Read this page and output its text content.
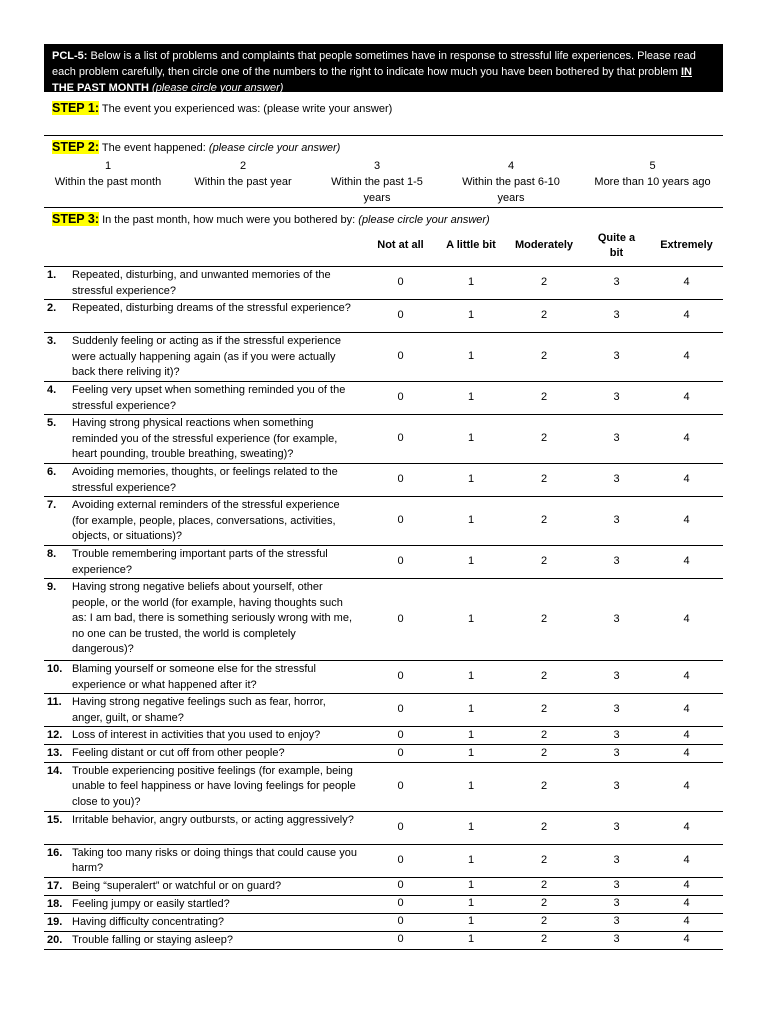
PCL-5: Below is a list of problems and complaints that people sometimes have in response to stressful life experiences. Please read each problem carefully, then circle one of the numbers to the right to indicate how much you have been bothered by that problem IN THE PAST MONTH (please circle your answer)
STEP 1: The event you experienced was: (please write your answer)
STEP 2: The event happened: (please circle your answer)
1
Within the past month
2
Within the past year
3
Within the past 1-5 years
4
Within the past 6-10 years
5
More than 10 years ago
STEP 3: In the past month, how much were you bothered by: (please circle your answer)
		Not at all	A little bit	Moderately	Quite a bit	Extremely
1.	Repeated, disturbing, and unwanted memories of the stressful experience?	0	1	2	3	4
2.	Repeated, disturbing dreams of the stressful experience?	0	1	2	3	4
3.	Suddenly feeling or acting as if the stressful experience were actually happening again (as if you were actually back there reliving it)?	0	1	2	3	4
4.	Feeling very upset when something reminded you of the stressful experience?	0	1	2	3	4
5.	Having strong physical reactions when something reminded you of the stressful experience (for example, heart pounding, trouble breathing, sweating)?	0	1	2	3	4
6.	Avoiding memories, thoughts, or feelings related to the stressful experience?	0	1	2	3	4
7.	Avoiding external reminders of the stressful experience (for example, people, places, conversations, activities, objects, or situations)?	0	1	2	3	4
8.	Trouble remembering important parts of the stressful experience?	0	1	2	3	4
9.	Having strong negative beliefs about yourself, other people, or the world (for example, having thoughts such as: I am bad, there is something seriously wrong with me, no one can be trusted, the world is completely dangerous)?	0	1	2	3	4
10.	Blaming yourself or someone else for the stressful experience or what happened after it?	0	1	2	3	4
11.	Having strong negative feelings such as fear, horror, anger, guilt, or shame?	0	1	2	3	4
12.	Loss of interest in activities that you used to enjoy?	0	1	2	3	4
13.	Feeling distant or cut off from other people?	0	1	2	3	4
14.	Trouble experiencing positive feelings (for example, being unable to feel happiness or have loving feelings for people close to you)?	0	1	2	3	4
15.	Irritable behavior, angry outbursts, or acting aggressively?	0	1	2	3	4
16.	Taking too many risks or doing things that could cause you harm?	0	1	2	3	4
17.	Being “superalert” or watchful or on guard?	0	1	2	3	4
18.	Feeling jumpy or easily startled?	0	1	2	3	4
19.	Having difficulty concentrating?	0	1	2	3	4
20.	Trouble falling or staying asleep?	0	1	2	3	4
